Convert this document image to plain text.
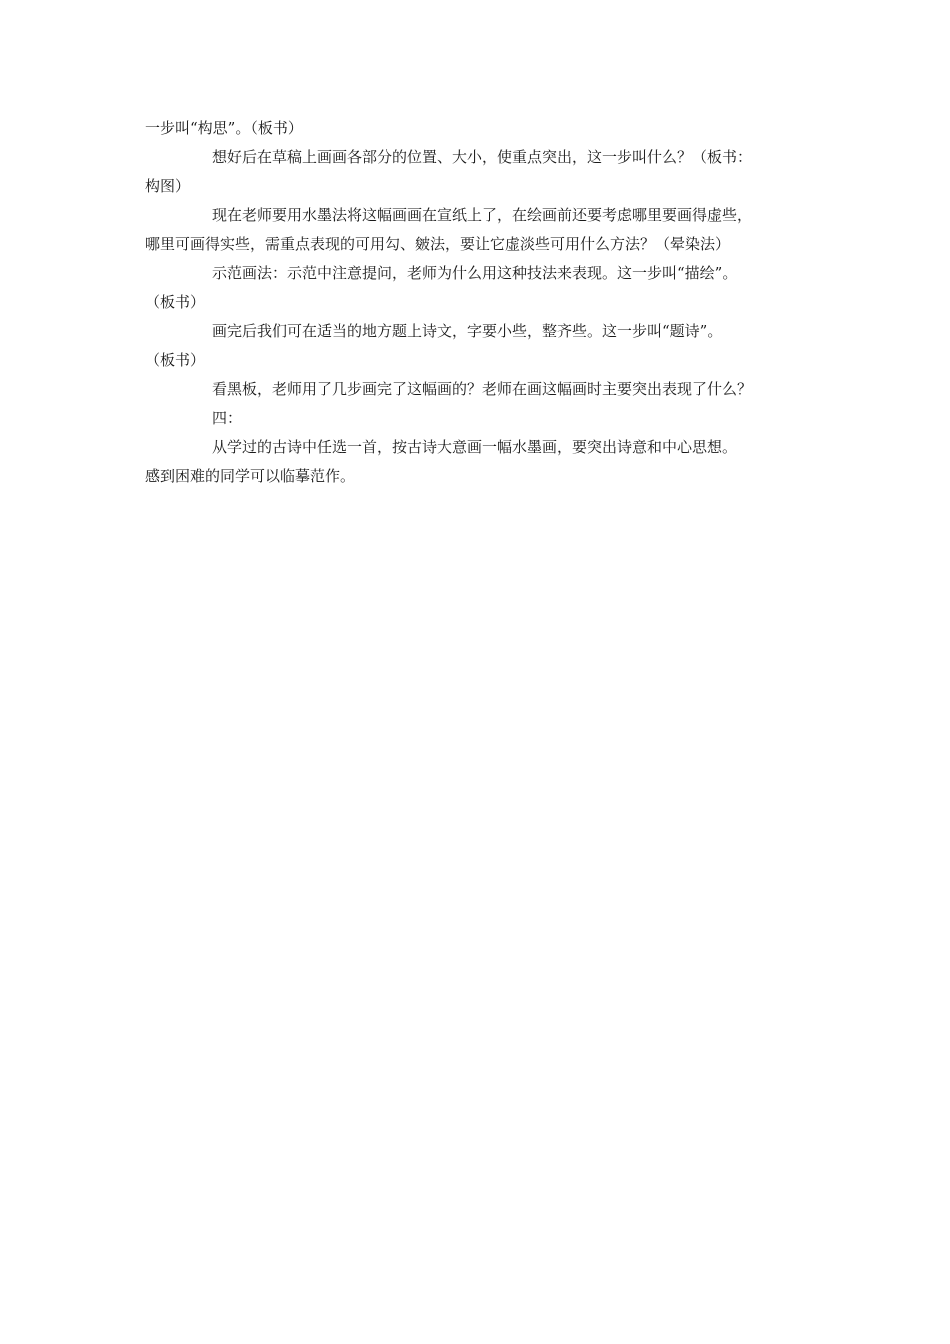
一步叫“构思”。（板书）
想好后在草稿上画画各部分的位置、大小，使重点突出，这一步叫什么？（板书：
构图）
现在老师要用水墨法将这幅画画在宣纸上了，在绘画前还要考虑哪里要画得虚些，
哪里可画得实些，需重点表现的可用勾、皴法，要让它虚淡些可用什么方法？（晕染法）
示范画法：示范中注意提问，老师为什么用这种技法来表现。这一步叫“描绘”。
（板书）
画完后我们可在适当的地方题上诗文，字要小些，整齐些。这一步叫“题诗”。
（板书）
看黑板，老师用了几步画完了这幅画的？老师在画这幅画时主要突出表现了什么？
四：
从学过的古诗中任选一首，按古诗大意画一幅水墨画，要突出诗意和中心思想。
感到困难的同学可以临摹范作。
